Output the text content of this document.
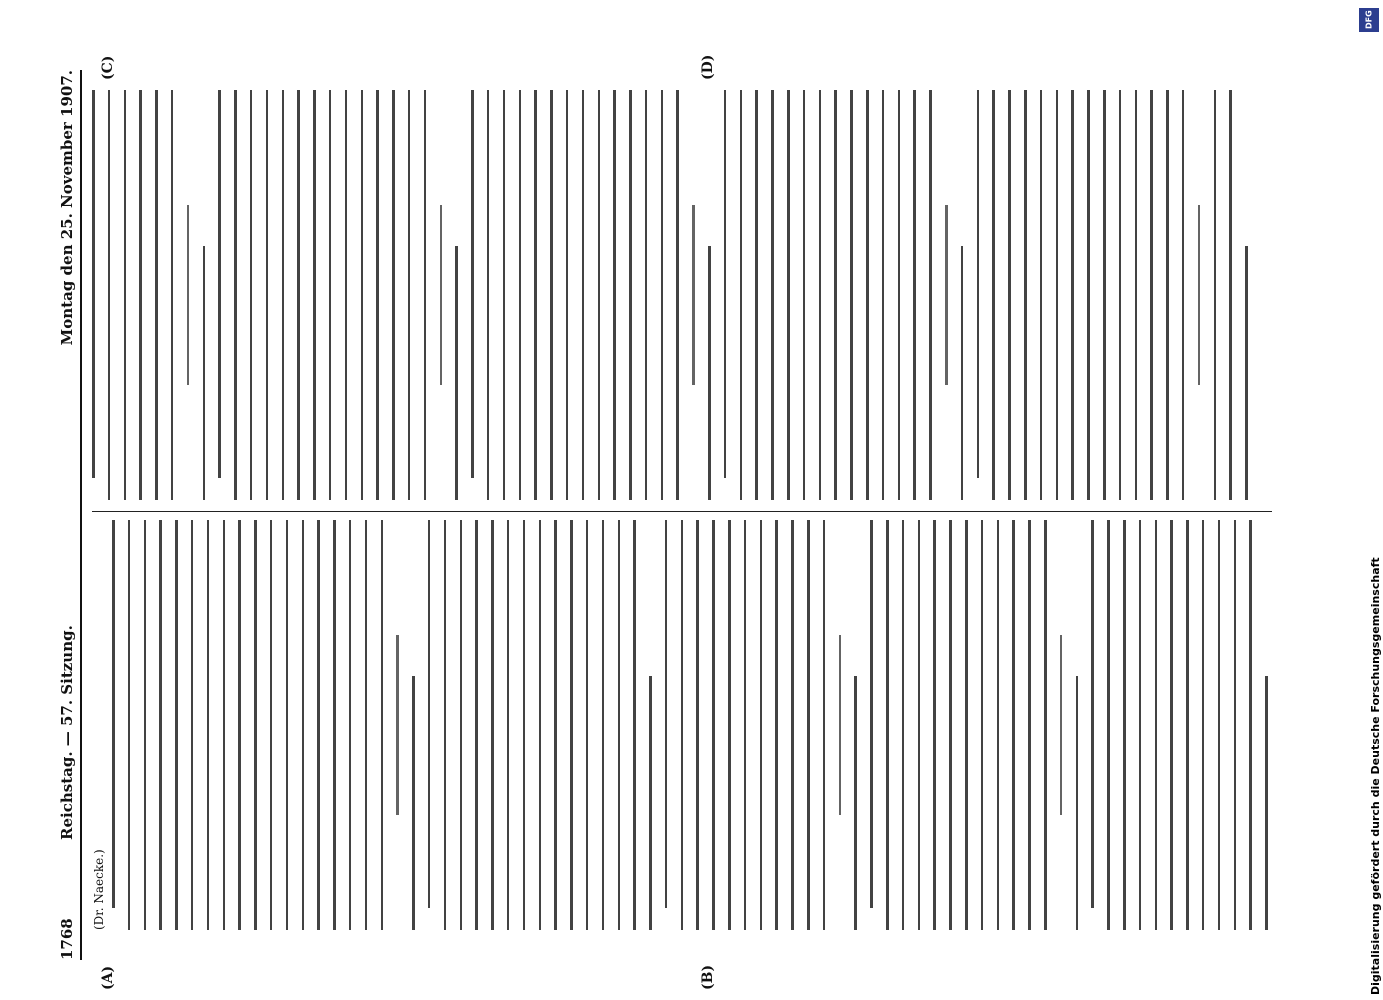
1768
Reichstag. — 57. Sitzung.
Montag den 25. November 1907.
(A)	(B)
(C)	(D)
(Dr. Naecke.)
DFG
Digitalisierung gefördert durch die Deutsche Forschungsgemeinschaft
